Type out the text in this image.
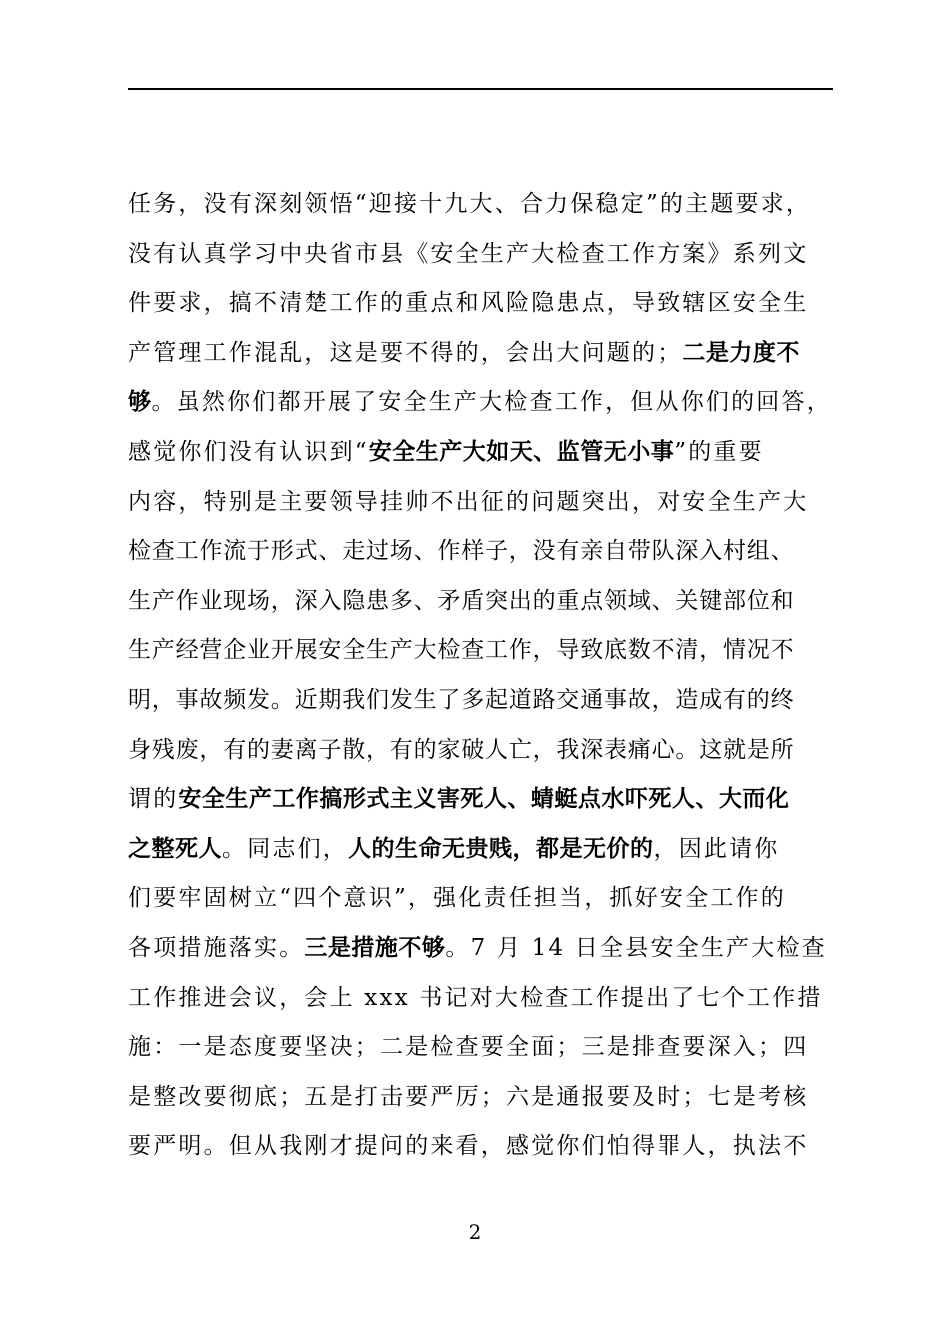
任务，没有深刻领悟“迎接十九大、合力保稳定”的主题要求，
没有认真学习中央省市县《安全生产大检查工作方案》系列文
件要求，搞不清楚工作的重点和风险隐患点，导致辖区安全生
产管理工作混乱，这是要不得的，会出大问题的；二是力度不
够。虽然你们都开展了安全生产大检查工作，但从你们的回答，
感觉你们没有认识到“安全生产大如天、监管无小事”的重要
内容，特别是主要领导挂帅不出征的问题突出，对安全生产大
检查工作流于形式、走过场、作样子，没有亲自带队深入村组、
生产作业现场，深入隐患多、矛盾突出的重点领域、关键部位和
生产经营企业开展安全生产大检查工作，导致底数不清，情况不
明，事故频发。近期我们发生了多起道路交通事故，造成有的终
身残废，有的妻离子散，有的家破人亡，我深表痛心。这就是所
谓的安全生产工作搞形式主义害死人、蜻蜓点水吓死人、大而化
之整死人。同志们，人的生命无贵贱，都是无价的，因此请你
们要牢固树立“四个意识”，强化责任担当，抓好安全工作的
各项措施落实。三是措施不够。7 月 14 日全县安全生产大检查
工作推进会议，会上 xxx 书记对大检查工作提出了七个工作措
施：一是态度要坚决；二是检查要全面；三是排查要深入；四
是整改要彻底；五是打击要严厉；六是通报要及时；七是考核
要严明。但从我刚才提问的来看，感觉你们怕得罪人，执法不
2
